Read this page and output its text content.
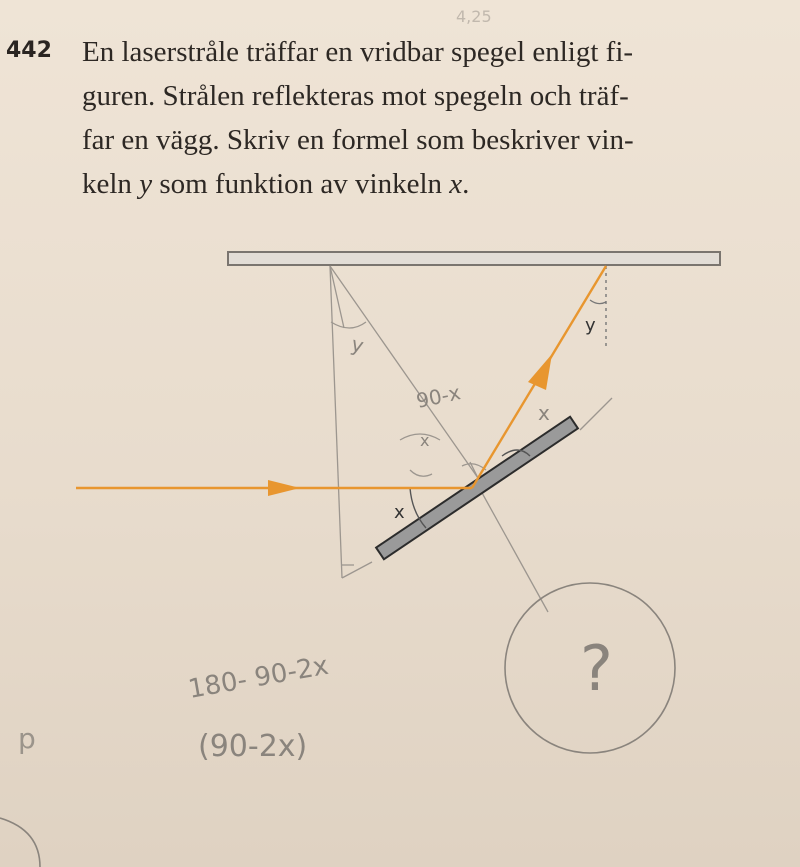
442 En laserstråle träffar en vridbar spegel enligt fi-
guren. Strålen reflekteras mot spegeln och träf-
far en vägg. Skriv en formel som beskriver vin-
keln y som funktion av vinkeln x.
x
y
4,25
y
90-x
x
x
?
180- 90-2x
(90-2x)
p
